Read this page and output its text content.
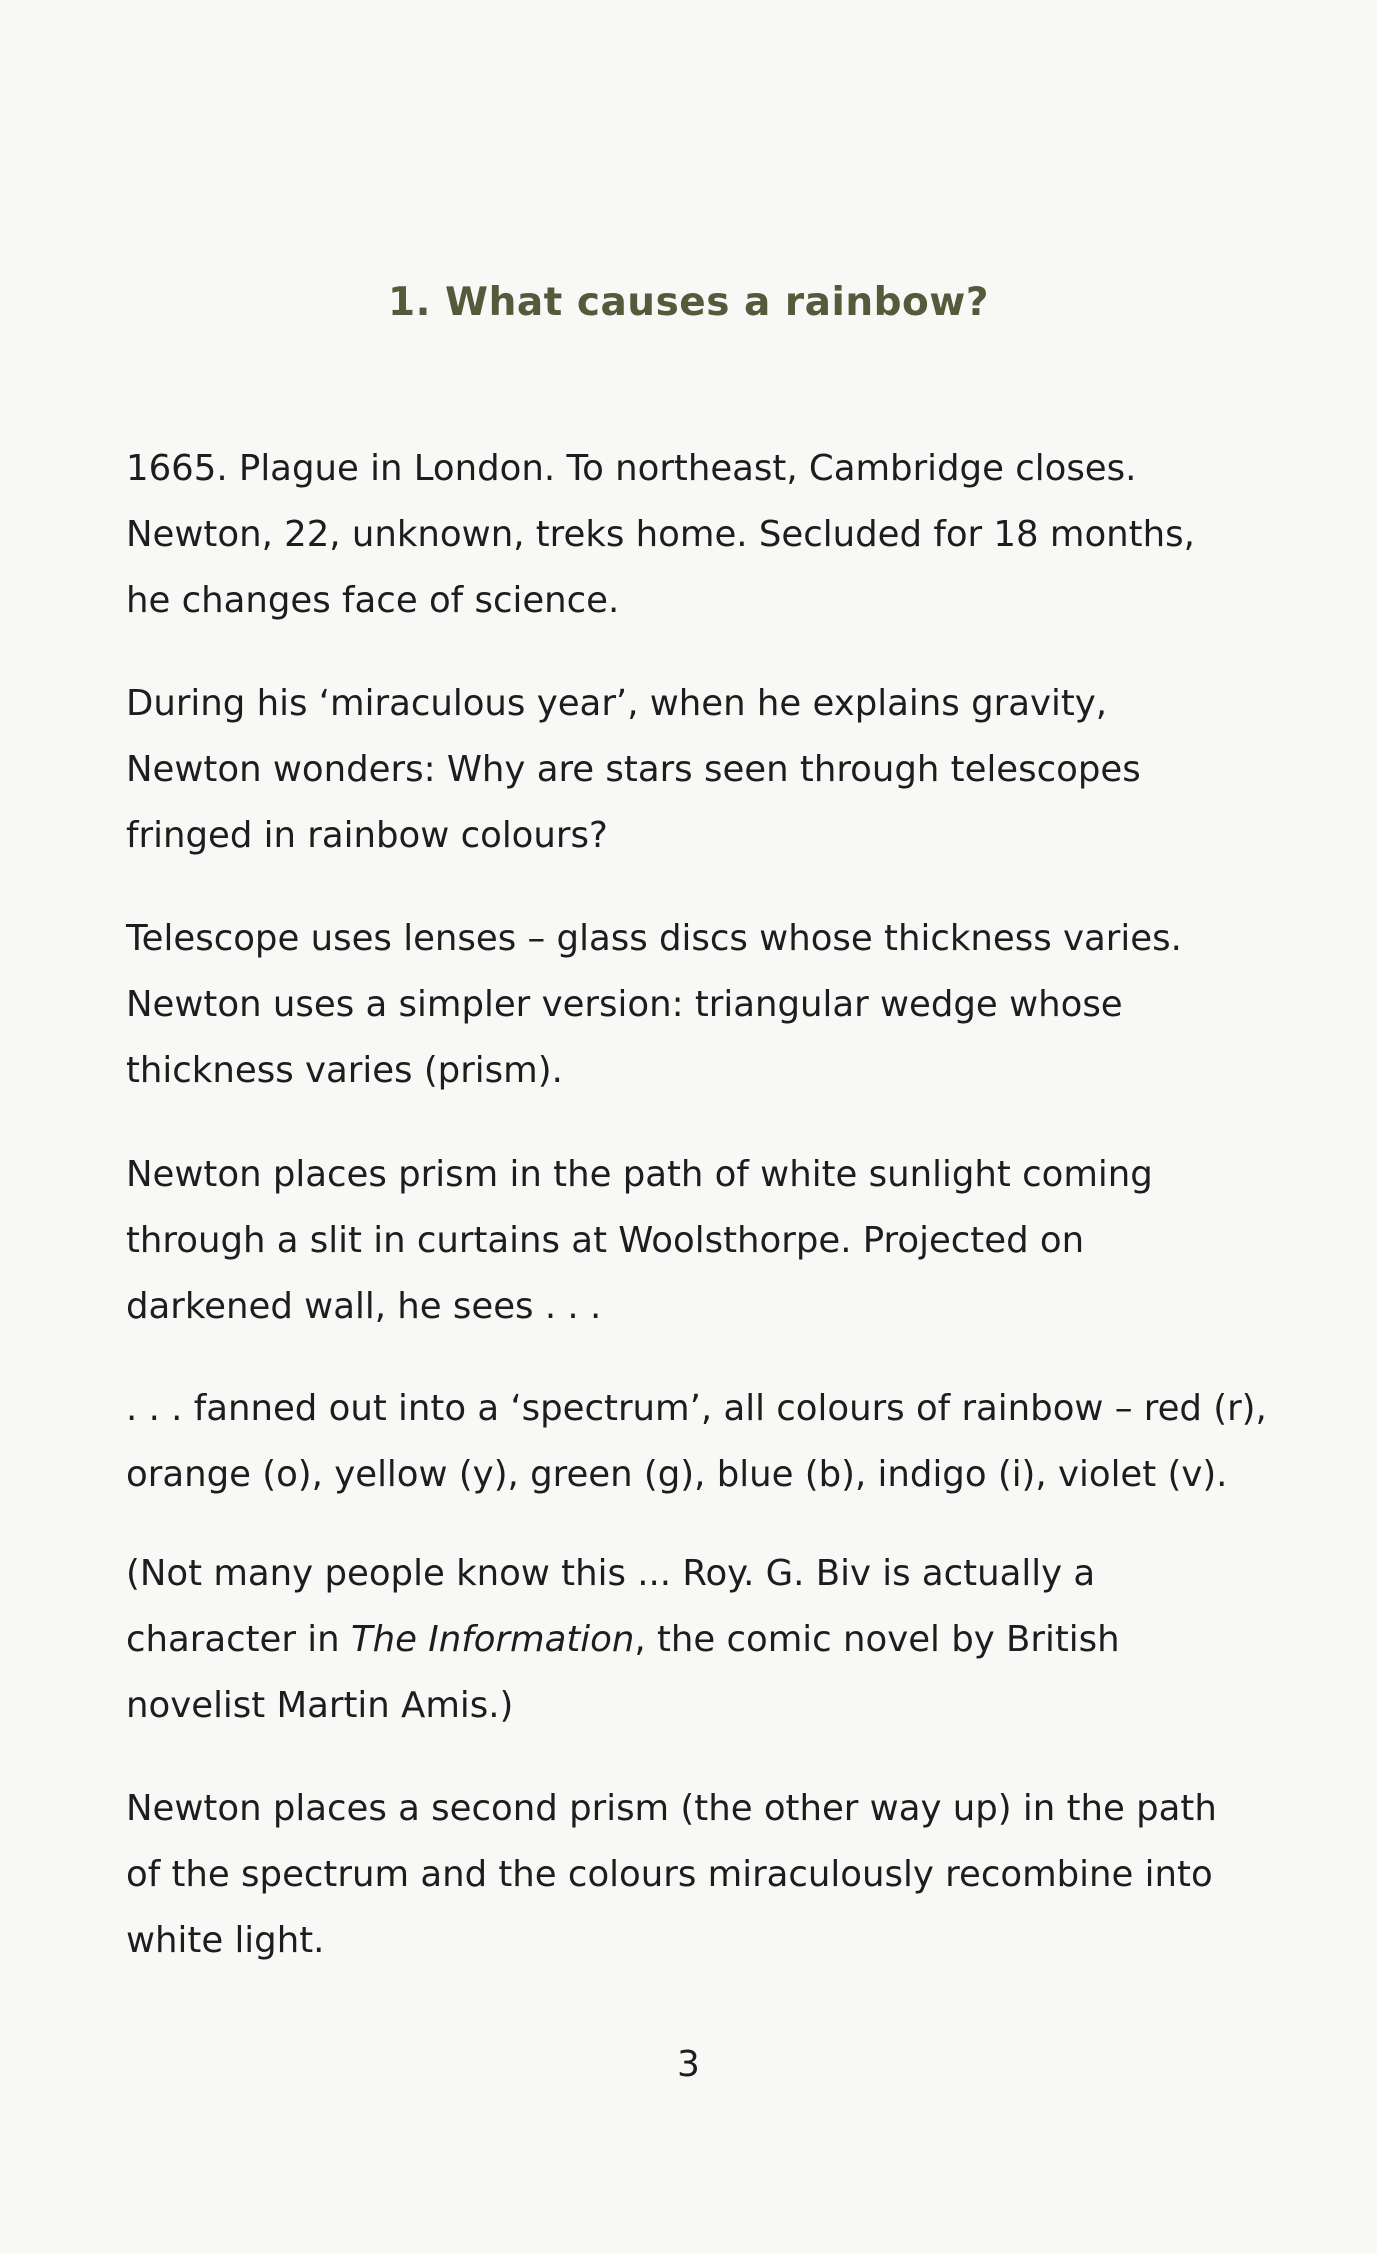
1. What causes a rainbow?

1665. Plague in London. To northeast, Cambridge closes.
Newton, 22, unknown, treks home. Secluded for 18 months,
he changes face of science.

During his ‘miraculous year’, when he explains gravity,
Newton wonders: Why are stars seen through telescopes
fringed in rainbow colours?

Telescope uses lenses – glass discs whose thickness varies.
Newton uses a simpler version: triangular wedge whose
thickness varies (prism).

Newton places prism in the path of white sunlight coming
through a slit in curtains at Woolsthorpe. Projected on
darkened wall, he sees . . .

. . . fanned out into a ‘spectrum’, all colours of rainbow – red (r),
orange (o), yellow (y), green (g), blue (b), indigo (i), violet (v).

(Not many people know this ... Roy. G. Biv is actually a
character in The Information, the comic novel by British
novelist Martin Amis.)

Newton places a second prism (the other way up) in the path
of the spectrum and the colours miraculously recombine into
white light.

3
